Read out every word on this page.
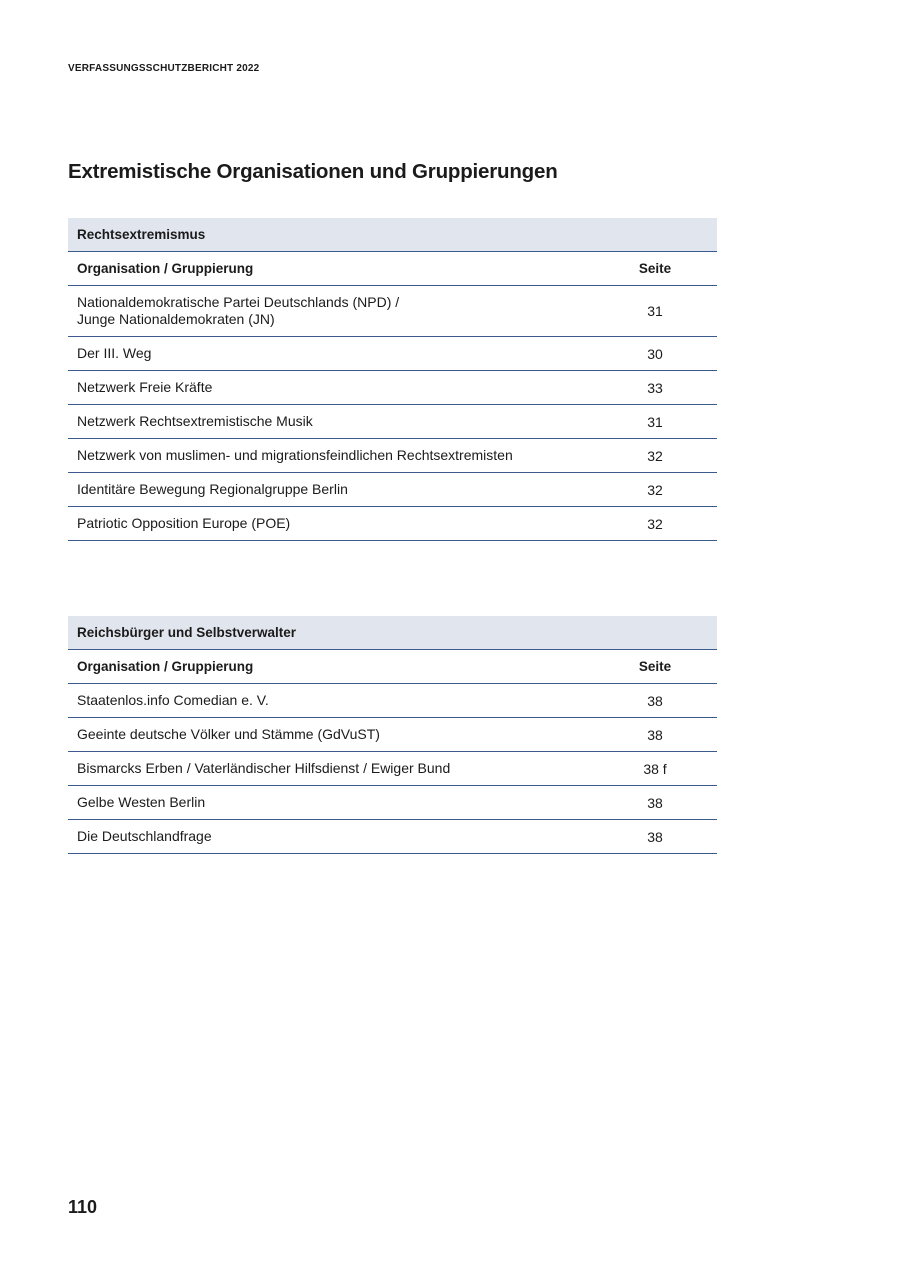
VERFASSUNGSSCHUTZBERICHT 2022
Extremistische Organisationen und Gruppierungen
Rechtsextremismus	
Organisation / Gruppierung	Seite
Nationaldemokratische Partei Deutschlands (NPD) /
Junge Nationaldemokraten (JN)	31
Der III. Weg	30
Netzwerk Freie Kräfte	33
Netzwerk Rechtsextremistische Musik	31
Netzwerk von muslimen- und migrationsfeindlichen Rechtsextremisten	32
Identitäre Bewegung Regionalgruppe Berlin	32
Patriotic Opposition Europe (POE)	32
Reichsbürger und Selbstverwalter	
Organisation / Gruppierung	Seite
Staatenlos.info Comedian e. V.	38
Geeinte deutsche Völker und Stämme (GdVuST)	38
Bismarcks Erben / Vaterländischer Hilfsdienst / Ewiger Bund	38 f
Gelbe Westen Berlin	38
Die Deutschlandfrage	38
110
